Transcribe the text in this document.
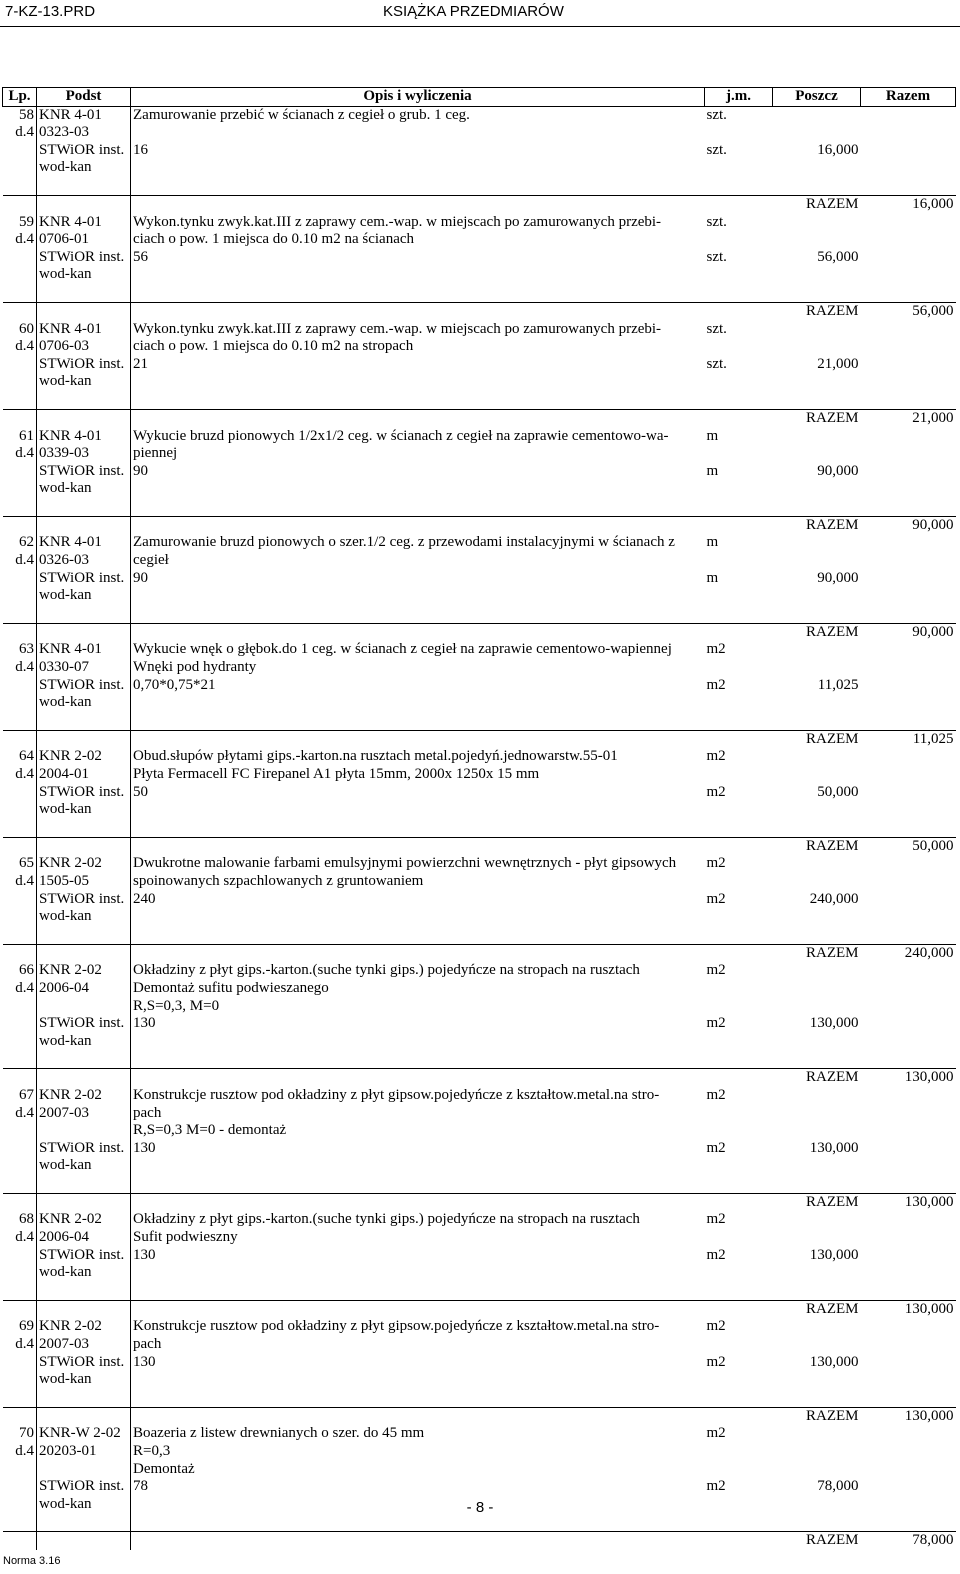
7-KZ-13.PRD	KSIĄŻKA PRZEDMIARÓW
Lp.	Podst	Opis i wyliczenia	j.m.	Poszcz	Razem
58	KNR 4-01	Zamurowanie przebić w ścianach z cegieł o grub. 1 ceg.	szt.		
d.4	0323-03				
	STWiOR inst.	16	szt.	16,000	
	wod-kan				

				RAZEM	16,000
59	KNR 4-01	Wykon.tynku zwyk.kat.III z zaprawy cem.-wap. w miejscach po zamurowanych przebi-	szt.		
d.4	0706-01	ciach o pow. 1 miejsca do 0.10 m2 na ścianach			
	STWiOR inst.	56	szt.	56,000	
	wod-kan				

				RAZEM	56,000
60	KNR 4-01	Wykon.tynku zwyk.kat.III z zaprawy cem.-wap. w miejscach po zamurowanych przebi-	szt.		
d.4	0706-03	ciach o pow. 1 miejsca do 0.10 m2 na stropach			
	STWiOR inst.	21	szt.	21,000	
	wod-kan				

				RAZEM	21,000
61	KNR 4-01	Wykucie bruzd pionowych 1/2x1/2 ceg. w ścianach z cegieł na zaprawie cementowo-wa-	m		
d.4	0339-03	piennej			
	STWiOR inst.	90	m	90,000	
	wod-kan				

				RAZEM	90,000
62	KNR 4-01	Zamurowanie bruzd pionowych o szer.1/2 ceg. z przewodami instalacyjnymi w ścianach z	m		
d.4	0326-03	cegieł			
	STWiOR inst.	90	m	90,000	
	wod-kan				

				RAZEM	90,000
63	KNR 4-01	Wykucie wnęk o głębok.do 1 ceg. w ścianach z cegieł na zaprawie cementowo-wapiennej	m2		
d.4	0330-07	Wnęki pod hydranty			
	STWiOR inst.	0,70*0,75*21	m2	11,025	
	wod-kan				

				RAZEM	11,025
64	KNR 2-02	Obud.słupów płytami gips.-karton.na rusztach metal.pojedyń.jednowarstw.55-01	m2		
d.4	2004-01	Płyta Fermacell FC Firepanel A1 płyta 15mm, 2000x 1250x 15 mm			
	STWiOR inst.	50	m2	50,000	
	wod-kan				

				RAZEM	50,000
65	KNR 2-02	Dwukrotne malowanie farbami emulsyjnymi powierzchni wewnętrznych - płyt gipsowych	m2		
d.4	1505-05	spoinowanych szpachlowanych z gruntowaniem			
	STWiOR inst.	240	m2	240,000	
	wod-kan				

				RAZEM	240,000
66	KNR 2-02	Okładziny z płyt gips.-karton.(suche tynki gips.) pojedyńcze na stropach na rusztach	m2		
d.4	2006-04	Demontaż sufitu podwieszanego			
		R,S=0,3, M=0			
	STWiOR inst.	130	m2	130,000	
	wod-kan				

				RAZEM	130,000
67	KNR 2-02	Konstrukcje rusztow pod okładziny z płyt gipsow.pojedyńcze z kształtow.metal.na stro-	m2		
d.4	2007-03	pach			
		R,S=0,3 M=0 - demontaż			
	STWiOR inst.	130	m2	130,000	
	wod-kan				

				RAZEM	130,000
68	KNR 2-02	Okładziny z płyt gips.-karton.(suche tynki gips.) pojedyńcze na stropach na rusztach	m2		
d.4	2006-04	Sufit podwieszny			
	STWiOR inst.	130	m2	130,000	
	wod-kan				

				RAZEM	130,000
69	KNR 2-02	Konstrukcje rusztow pod okładziny z płyt gipsow.pojedyńcze z kształtow.metal.na stro-	m2		
d.4	2007-03	pach			
	STWiOR inst.	130	m2	130,000	
	wod-kan				

				RAZEM	130,000
70	KNR-W 2-02	Boazeria z listew drewnianych o szer. do 45 mm	m2		
d.4	20203-01	R=0,3			
		Demontaż			
	STWiOR inst.	78	m2	78,000	
	wod-kan				

				RAZEM	78,000
- 8 -
Norma 3.16
